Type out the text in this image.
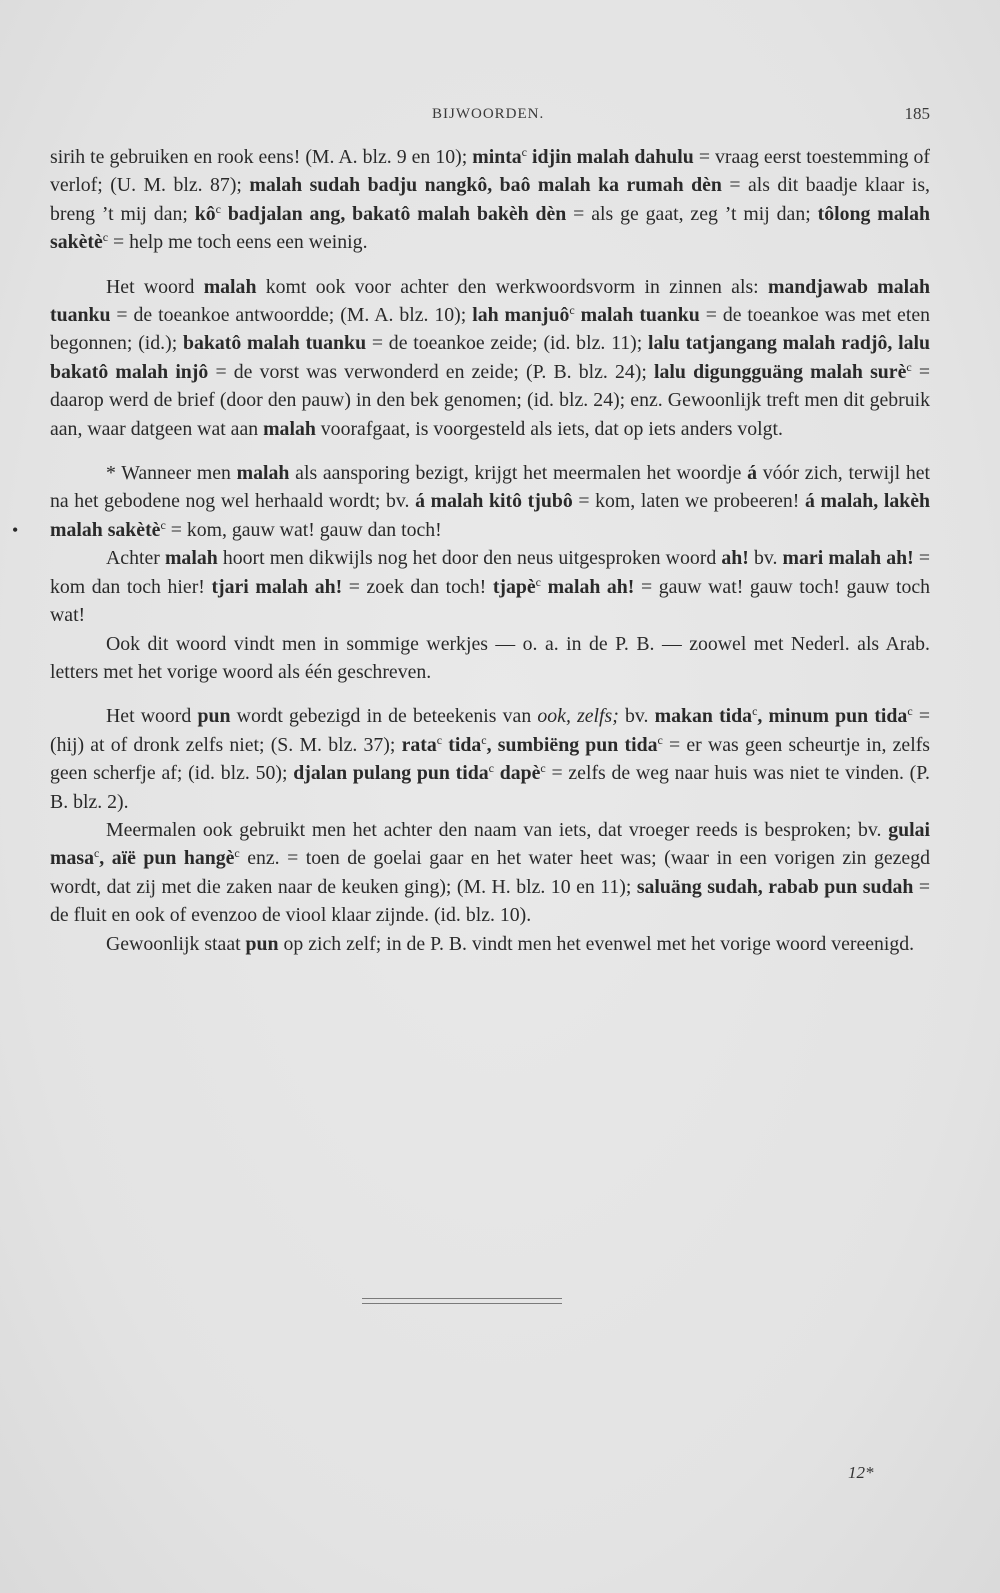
BIJWOORDEN.	185
•

sirih te gebruiken en rook eens! (M. A. blz. 9 en 10); minta$^c$ idjin malah dahulu = vraag eerst toestemming of verlof; (U. M. blz. 87); malah sudah badju nangkô, baô malah ka rumah dèn = als dit baadje klaar is, breng ’t mij dan; $kô^c$ badjalan ang, bakatô malah bakèh dèn = als ge gaat, zeg ’t mij dan; tôlong malah sakètè$^c$ = help me toch eens een weinig.

Het woord malah komt ook voor achter den werkwoordsvorm in zinnen als: mandjawab malah tuanku = de toeankoe antwoordde; (M. A. blz. 10); lah manjuô$^c$ malah tuanku = de toeankoe was met eten begonnen; (id.); bakatô malah tuanku = de toeankoe zeide; (id. blz. 11); lalu tatjangang malah radjô, lalu bakatô malah injô = de vorst was verwonderd en zeide; (P. B. blz. 24); lalu digungguäng malah surè$^c$ = daarop werd de brief (door den pauw) in den bek genomen; (id. blz. 24); enz. Gewoonlijk treft men dit gebruik aan, waar datgeen wat aan malah voorafgaat, is voorgesteld als iets, dat op iets anders volgt.

* Wanneer men malah als aansporing bezigt, krijgt het meermalen het woordje á vóór zich, terwijl het na het gebodene nog wel herhaald wordt; bv. á malah kitô tjubô = kom, laten we probeeren! á malah, lakèh malah sakètè$^c$ = kom, gauw wat! gauw dan toch!

Achter malah hoort men dikwijls nog het door den neus uitgesproken woord ah! bv. mari malah ah! = kom dan toch hier! tjari malah ah! = zoek dan toch! tjapè$^c$ malah ah! = gauw wat! gauw toch! gauw toch wat!

Ook dit woord vindt men in sommige werkjes — o. a. in de P. B. — zoowel met Nederl. als Arab. letters met het vorige woord als één geschreven.

Het woord pun wordt gebezigd in de beteekenis van ook, zelfs; bv. makan tida$^c$, minum pun tida$^c$ = (hij) at of dronk zelfs niet; (S. M. blz. 37); rata$^c$ tida$^c$, sumbiëng pun tida$^c$ = er was geen scheurtje in, zelfs geen scherfje af; (id. blz. 50); djalan pulang pun tida$^c$ dapè$^c$ = zelfs de weg naar huis was niet te vinden. (P. B. blz. 2).

Meermalen ook gebruikt men het achter den naam van iets, dat vroeger reeds is besproken; bv. gulai masa$^c$, aïë pun hangè$^c$ enz. = toen de goelai gaar en het water heet was; (waar in een vorigen zin gezegd wordt, dat zij met die zaken naar de keuken ging); (M. H. blz. 10 en 11); saluäng sudah, rabab pun sudah = de fluit en ook of evenzoo de viool klaar zijnde. (id. blz. 10).

Gewoonlijk staat pun op zich zelf; in de P. B. vindt men het evenwel met het vorige woord vereenigd.

12*
